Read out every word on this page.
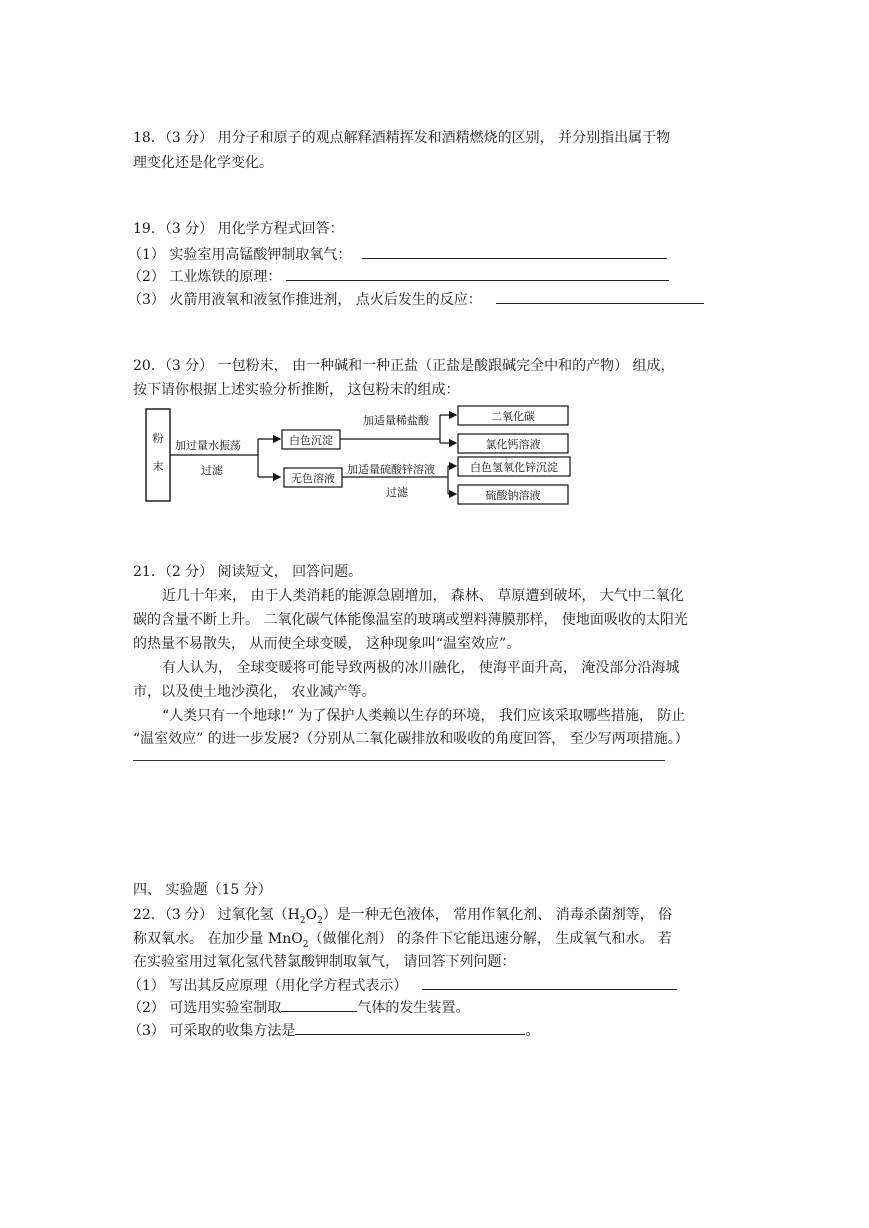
18．（3 分） 用分子和原子的观点解释酒精挥发和酒精燃烧的区别， 并分别指出属于物
理变化还是化学变化。
19．（3 分） 用化学方程式回答：
（1） 实验室用高锰酸钾制取氧气：
（2） 工业炼铁的原理：
（3） 火箭用液氧和液氢作推进剂， 点火后发生的反应：
20．（3 分） 一包粉末， 由一种碱和一种正盐（正盐是酸跟碱完全中和的产物） 组成，
按下请你根据上述实验分析推断， 这包粉末的组成：
粉
末
加过量水振荡
过滤
白色沉淀
无色溶液
加适量稀盐酸	二氧化碳
氯化钙溶液
加适量硫酸锌溶液
过滤
白色氢氧化锌沉淀
硫酸钠溶液
21．（2 分） 阅读短文， 回答问题。
近几十年来， 由于人类消耗的能源急剧增加， 森林、 草原遭到破坏， 大气中二氧化
碳的含量不断上升。 二氧化碳气体能像温室的玻璃或塑料薄膜那样， 使地面吸收的太阳光
的热量不易散失， 从而使全球变暖， 这种现象叫“温室效应”。
有人认为， 全球变暖将可能导致两极的冰川融化， 使海平面升高， 淹没部分沿海城
市，以及使土地沙漠化， 农业减产等。
“人类只有一个地球!” 为了保护人类赖以生存的环境， 我们应该采取哪些措施， 防止
“温室效应” 的进一步发展?（分别从二氧化碳排放和吸收的角度回答， 至少写两项措施。）
四、 实验题（15 分）
22．（3 分） 过氧化氢$(H_2O_2)$是一种无色液体， 常用作氧化剂、 消毒杀菌剂等， 俗
称双氧水。 在加少量 MnO$_2$（做催化剂） 的条件下它能迅速分解， 生成氧气和水。 若
在实验室用过氧化氢代替氯酸钾制取氧气， 请回答下列问题：
（1） 写出其反应原理（用化学方程式表示）
（2） 可选用实验室制取	气体的发生装置。
（3） 可采取的收集方法是	。
